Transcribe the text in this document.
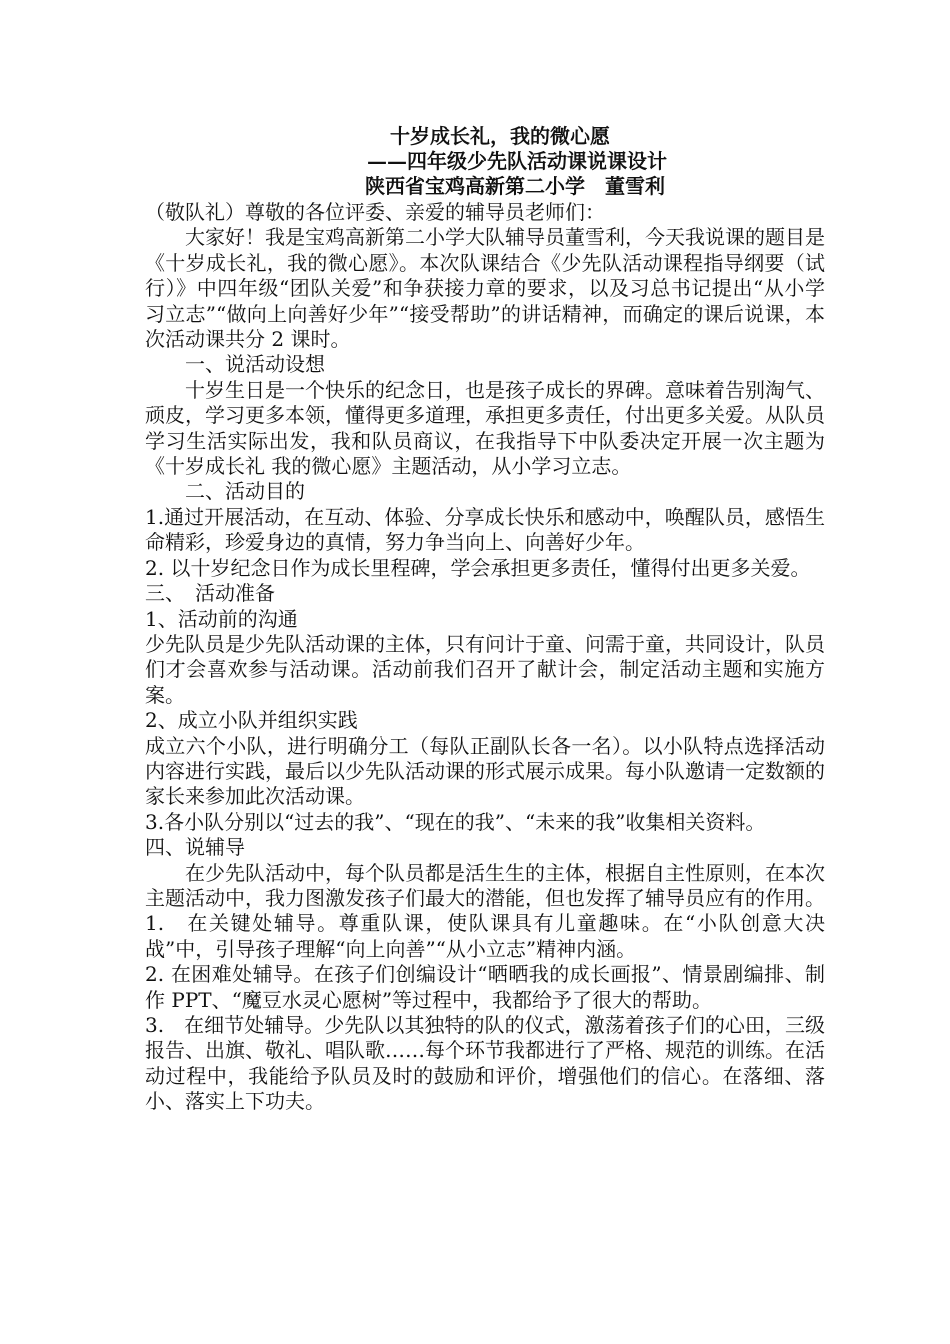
十岁成长礼，我的微心愿
——四年级少先队活动课说课设计
陕西省宝鸡高新第二小学　董雪利

（敬队礼）尊敬的各位评委、亲爱的辅导员老师们：

大家好！我是宝鸡高新第二小学大队辅导员董雪利，今天我说课的题目是《十岁成长礼，我的微心愿》。本次队课结合《少先队活动课程指导纲要（试行）》中四年级“团队关爱”和争获接力章的要求，以及习总书记提出“从小学习立志”“做向上向善好少年”“接受帮助”的讲话精神，而确定的课后说课，本次活动课共分 2 课时。

一、说活动设想

十岁生日是一个快乐的纪念日，也是孩子成长的界碑。意味着告别淘气、顽皮，学习更多本领，懂得更多道理，承担更多责任，付出更多关爱。从队员学习生活实际出发，我和队员商议，在我指导下中队委决定开展一次主题为《十岁成长礼 我的微心愿》主题活动，从小学习立志。

二、活动目的

1.通过开展活动，在互动、体验、分享成长快乐和感动中，唤醒队员，感悟生命精彩，珍爱身边的真情，努力争当向上、向善好少年。

2. 以十岁纪念日作为成长里程碑，学会承担更多责任，懂得付出更多关爱。

三、　活动准备

1、活动前的沟通

少先队员是少先队活动课的主体，只有问计于童、问需于童，共同设计，队员们才会喜欢参与活动课。活动前我们召开了献计会，制定活动主题和实施方案。

2、成立小队并组织实践

成立六个小队，进行明确分工（每队正副队长各一名）。以小队特点选择活动内容进行实践，最后以少先队活动课的形式展示成果。每小队邀请一定数额的家长来参加此次活动课。

3.各小队分别以“过去的我”、“现在的我”、“未来的我”收集相关资料。

四、说辅导

在少先队活动中，每个队员都是活生生的主体，根据自主性原则，在本次主题活动中，我力图激发孩子们最大的潜能，但也发挥了辅导员应有的作用。

1.　在关键处辅导。尊重队课，使队课具有儿童趣味。在“小队创意大决战”中，引导孩子理解“向上向善”“从小立志”精神内涵。

2. 在困难处辅导。在孩子们创编设计“晒晒我的成长画报”、情景剧编排、制作 PPT、“魔豆水灵心愿树”等过程中，我都给予了很大的帮助。

3.　在细节处辅导。少先队以其独特的队的仪式，激荡着孩子们的心田，三级报告、出旗、敬礼、唱队歌……每个环节我都进行了严格、规范的训练。在活动过程中，我能给予队员及时的鼓励和评价，增强他们的信心。在落细、落小、落实上下功夫。
